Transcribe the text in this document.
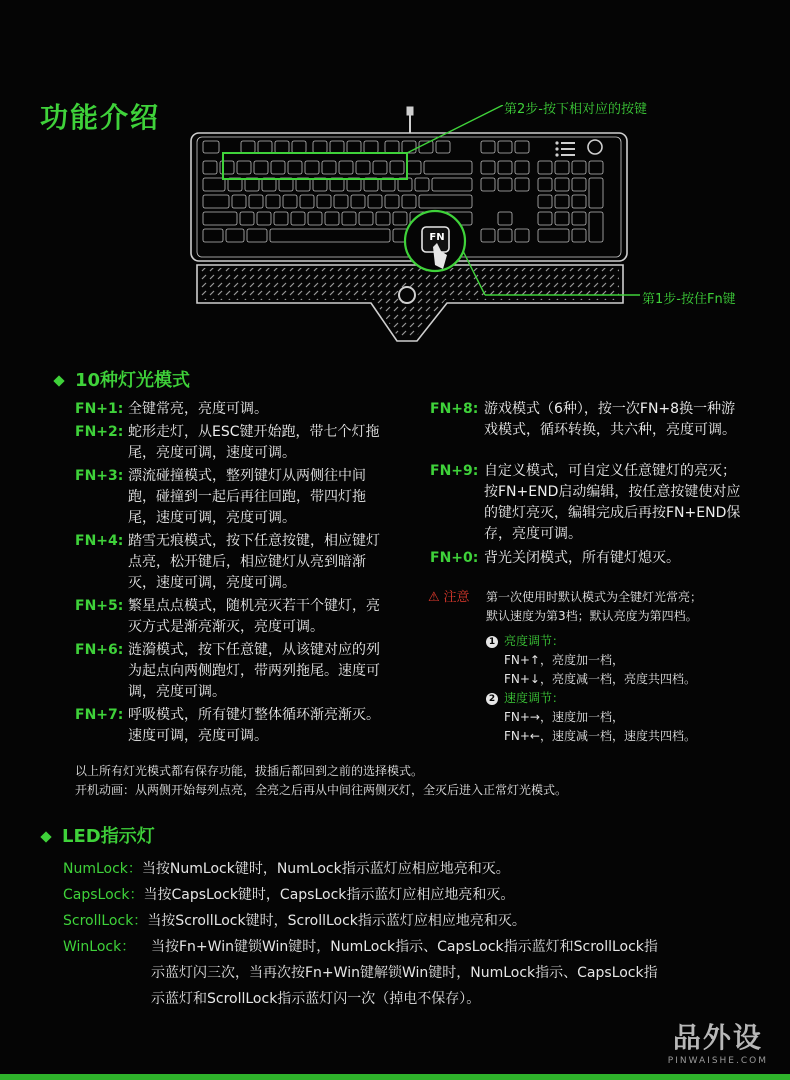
功能介绍
FN
第2步-按下相对应的按键
第1步-按住Fn键
10种灯光模式
FN+1: 全键常亮，亮度可调。
FN+2: 蛇形走灯，从ESC键开始跑，带七个灯拖尾，亮度可调，速度可调。
FN+3: 漂流碰撞模式，整列键灯从两侧往中间跑，碰撞到一起后再往回跑，带四灯拖尾，速度可调，亮度可调。
FN+4: 踏雪无痕模式，按下任意按键，相应键灯点亮，松开键后，相应键灯从亮到暗渐灭，速度可调，亮度可调。
FN+5: 繁星点点模式，随机亮灭若干个键灯，亮灭方式是渐亮渐灭，亮度可调。
FN+6: 涟漪模式，按下任意键，从该键对应的列为起点向两侧跑灯，带两列拖尾。速度可调，亮度可调。
FN+7: 呼吸模式，所有键灯整体循环渐亮渐灭。速度可调，亮度可调。
FN+8: 游戏模式（6种），按一次FN+8换一种游戏模式，循环转换，共六种，亮度可调。
FN+9: 自定义模式，可自定义任意键灯的亮灭；按FN+END启动编辑，按任意按键使对应的键灯亮灭，编辑完成后再按FN+END保存，亮度可调。
FN+0: 背光关闭模式，所有键灯熄灭。
⚠ 注意 第一次使用时默认模式为全键灯光常亮；
默认速度为第3档；默认亮度为第四档。
1 亮度调节：
FN+↑，亮度加一档，
FN+↓，亮度减一档，亮度共四档。
2 速度调节：
FN+→，速度加一档，
FN+←，速度减一档，速度共四档。
以上所有灯光模式都有保存功能，拔插后都回到之前的选择模式。
开机动画：从两侧开始每列点亮，全亮之后再从中间往两侧灭灯，全灭后进入正常灯光模式。
LED指示灯
NumLock：当按NumLock键时，NumLock指示蓝灯应相应地亮和灭。
CapsLock：当按CapsLock键时，CapsLock指示蓝灯应相应地亮和灭。
ScrollLock：当按ScrollLock键时，ScrollLock指示蓝灯应相应地亮和灭。
WinLock： 当按Fn+Win键锁Win键时，NumLock指示、CapsLock指示蓝灯和ScrollLock指
示蓝灯闪三次，当再次按Fn+Win键解锁Win键时，NumLock指示、CapsLock指
示蓝灯和ScrollLock指示蓝灯闪一次（掉电不保存）。
品外设
PINWAISHE.COM
